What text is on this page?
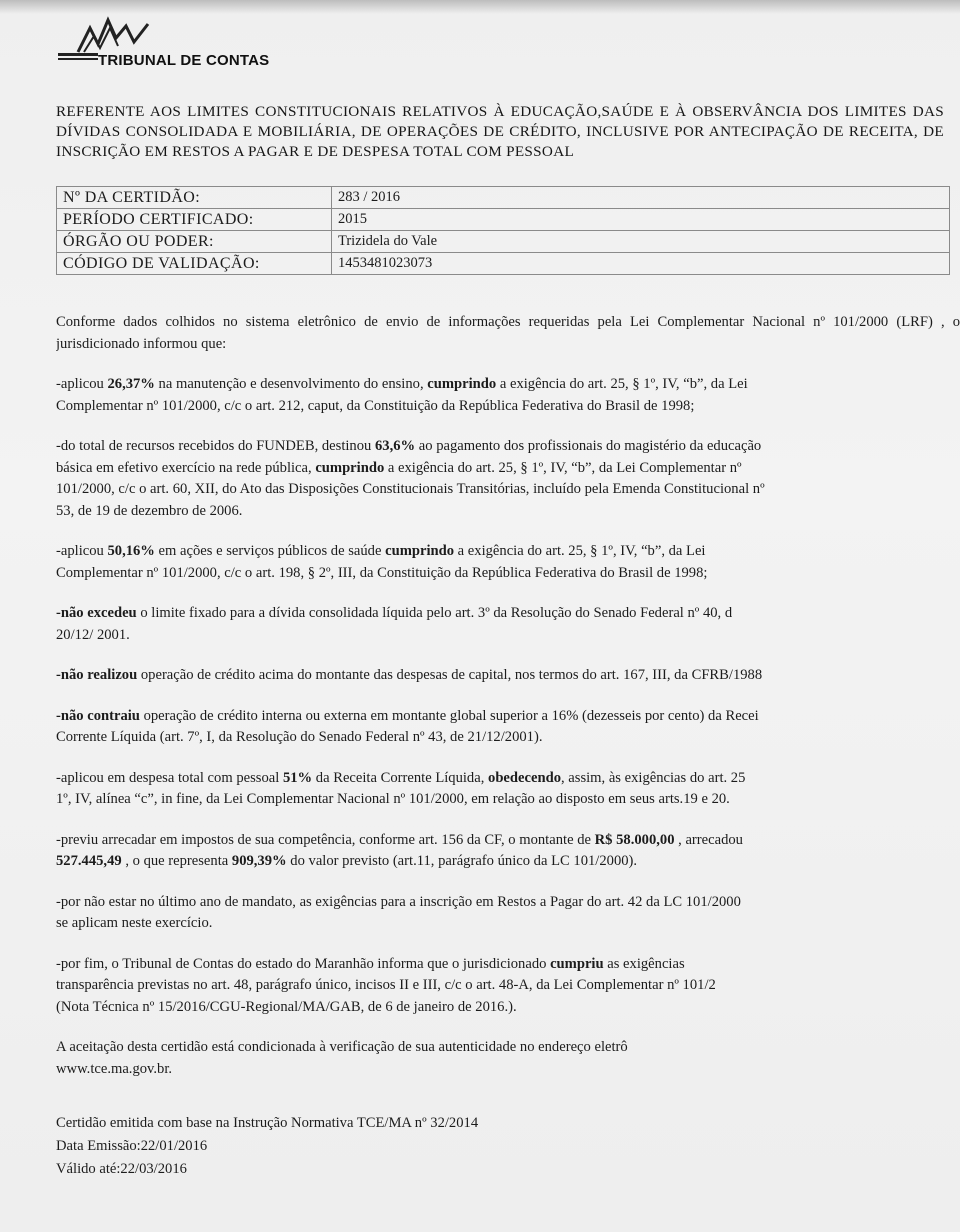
TRIBUNAL DE CONTAS
REFERENTE AOS LIMITES CONSTITUCIONAIS RELATIVOS À EDUCAÇÃO,SAÚDE E À OBSERVÂNCIA DOS LIMITES DAS DÍVIDAS CONSOLIDADA E MOBILIÁRIA, DE OPERAÇÕES DE CRÉDITO, INCLUSIVE POR ANTECIPAÇÃO DE RECEITA, DE INSCRIÇÃO EM RESTOS A PAGAR E DE DESPESA TOTAL COM PESSOAL
Nº DA CERTIDÃO:	283 / 2016
PERÍODO CERTIFICADO:	2015
ÓRGÃO OU PODER:	Trizidela do Vale
CÓDIGO DE VALIDAÇÃO:	1453481023073

Conforme dados colhidos no sistema eletrônico de envio de informações requeridas pela Lei Complementar Nacional nº 101/2000 (LRF) , o jurisdicionado informou que:

-aplicou 26,37% na manutenção e desenvolvimento do ensino, cumprindo a exigência do art. 25, § 1º, IV, “b”, da Lei
Complementar nº 101/2000, c/c o art. 212, caput, da Constituição da República Federativa do Brasil de 1998;

-do total de recursos recebidos do FUNDEB, destinou 63,6% ao pagamento dos profissionais do magistério da educação
básica em efetivo exercício na rede pública, cumprindo a exigência do art. 25, § 1º, IV, “b”, da Lei Complementar nº
101/2000, c/c o art. 60, XII, do Ato das Disposições Constitucionais Transitórias, incluído pela Emenda Constitucional nº
53, de 19 de dezembro de 2006.

-aplicou 50,16% em ações e serviços públicos de saúde cumprindo a exigência do art. 25, § 1º, IV, “b”, da Lei
Complementar nº 101/2000, c/c o art. 198, § 2º, III, da Constituição da República Federativa do Brasil de 1998;

-não excedeu o limite fixado para a dívida consolidada líquida pelo art. 3º da Resolução do Senado Federal nº 40, d
20/12/ 2001.

-não realizou operação de crédito acima do montante das despesas de capital, nos termos do art. 167, III, da CFRB/1988

-não contraiu operação de crédito interna ou externa em montante global superior a 16% (dezesseis por cento) da Recei
Corrente Líquida (art. 7º, I, da Resolução do Senado Federal nº 43, de 21/12/2001).

-aplicou em despesa total com pessoal 51% da Receita Corrente Líquida, obedecendo, assim, às exigências do art. 25
1º, IV, alínea “c”, in fine, da Lei Complementar Nacional nº 101/2000, em relação ao disposto em seus arts.19 e 20.

-previu arrecadar em impostos de sua competência, conforme art. 156 da CF, o montante de R$ 58.000,00 , arrecadou
527.445,49 , o que representa 909,39% do valor previsto (art.11, parágrafo único da LC 101/2000).

-por não estar no último ano de mandato, as exigências para a inscrição em Restos a Pagar do art. 42 da LC 101/2000
se aplicam neste exercício.

-por fim, o Tribunal de Contas do estado do Maranhão informa que o jurisdicionado cumpriu as exigências
transparência previstas no art. 48, parágrafo único, incisos II e III, c/c o art. 48-A, da Lei Complementar nº 101/2
(Nota Técnica nº 15/2016/CGU-Regional/MA/GAB, de 6 de janeiro de 2016.).

A aceitação desta certidão está condicionada à verificação de sua autenticidade no endereço eletrô
www.tce.ma.gov.br.

Certidão emitida com base na Instrução Normativa TCE/MA nº 32/2014
Data Emissão:22/01/2016
Válido até:22/03/2016
